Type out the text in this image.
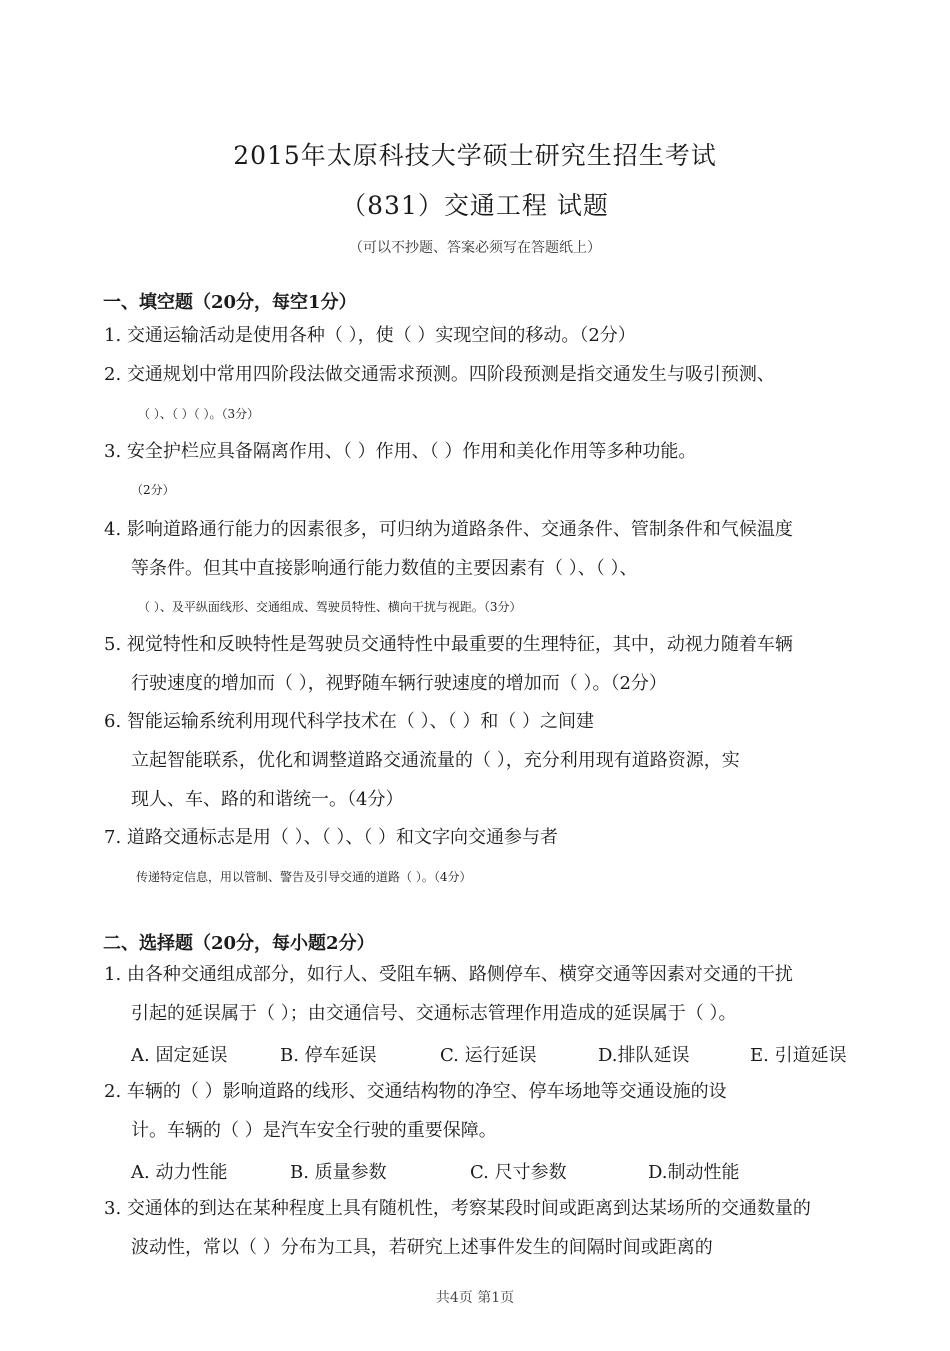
2015年太原科技大学硕士研究生招生考试
（831）交通工程 试题
（可以不抄题、答案必须写在答题纸上）
一、填空题（20分，每空1分）
1. 交通运输活动是使用各种（ ），使（ ）实现空间的移动。（2分）
2. 交通规划中常用四阶段法做交通需求预测。四阶段预测是指交通发生与吸引预测、
（ ）、（ ）（ ）。（3分）
3. 安全护栏应具备隔离作用、（ ）作用、（ ）作用和美化作用等多种功能。
（2分）
4. 影响道路通行能力的因素很多，可归纳为道路条件、交通条件、管制条件和气候温度
等条件。但其中直接影响通行能力数值的主要因素有（ ）、（ ）、
（ ）、及平纵面线形、交通组成、驾驶员特性、横向干扰与视距。（3分）
5. 视觉特性和反映特性是驾驶员交通特性中最重要的生理特征，其中，动视力随着车辆
行驶速度的增加而（ ），视野随车辆行驶速度的增加而（ ）。（2分）
6. 智能运输系统利用现代科学技术在（ ）、（ ）和（ ）之间建
立起智能联系，优化和调整道路交通流量的（ ），充分利用现有道路资源，实
现人、车、路的和谐统一。（4分）
7. 道路交通标志是用（ ）、（ ）、（ ）和文字向交通参与者
传递特定信息，用以管制、警告及引导交通的道路（ ）。（4分）
二、选择题（20分，每小题2分）
1. 由各种交通组成部分，如行人、受阻车辆、路侧停车、横穿交通等因素对交通的干扰
引起的延误属于（ ）；由交通信号、交通标志管理作用造成的延误属于（ ）。
A. 固定延误	B. 停车延误	C. 运行延误	D.排队延误	E. 引道延误
2. 车辆的（ ）影响道路的线形、交通结构物的净空、停车场地等交通设施的设
计。车辆的（ ）是汽车安全行驶的重要保障。
A. 动力性能	B. 质量参数	C. 尺寸参数	D.制动性能
3. 交通体的到达在某种程度上具有随机性，考察某段时间或距离到达某场所的交通数量的
波动性，常以（ ）分布为工具，若研究上述事件发生的间隔时间或距离的
共4页 第1页
